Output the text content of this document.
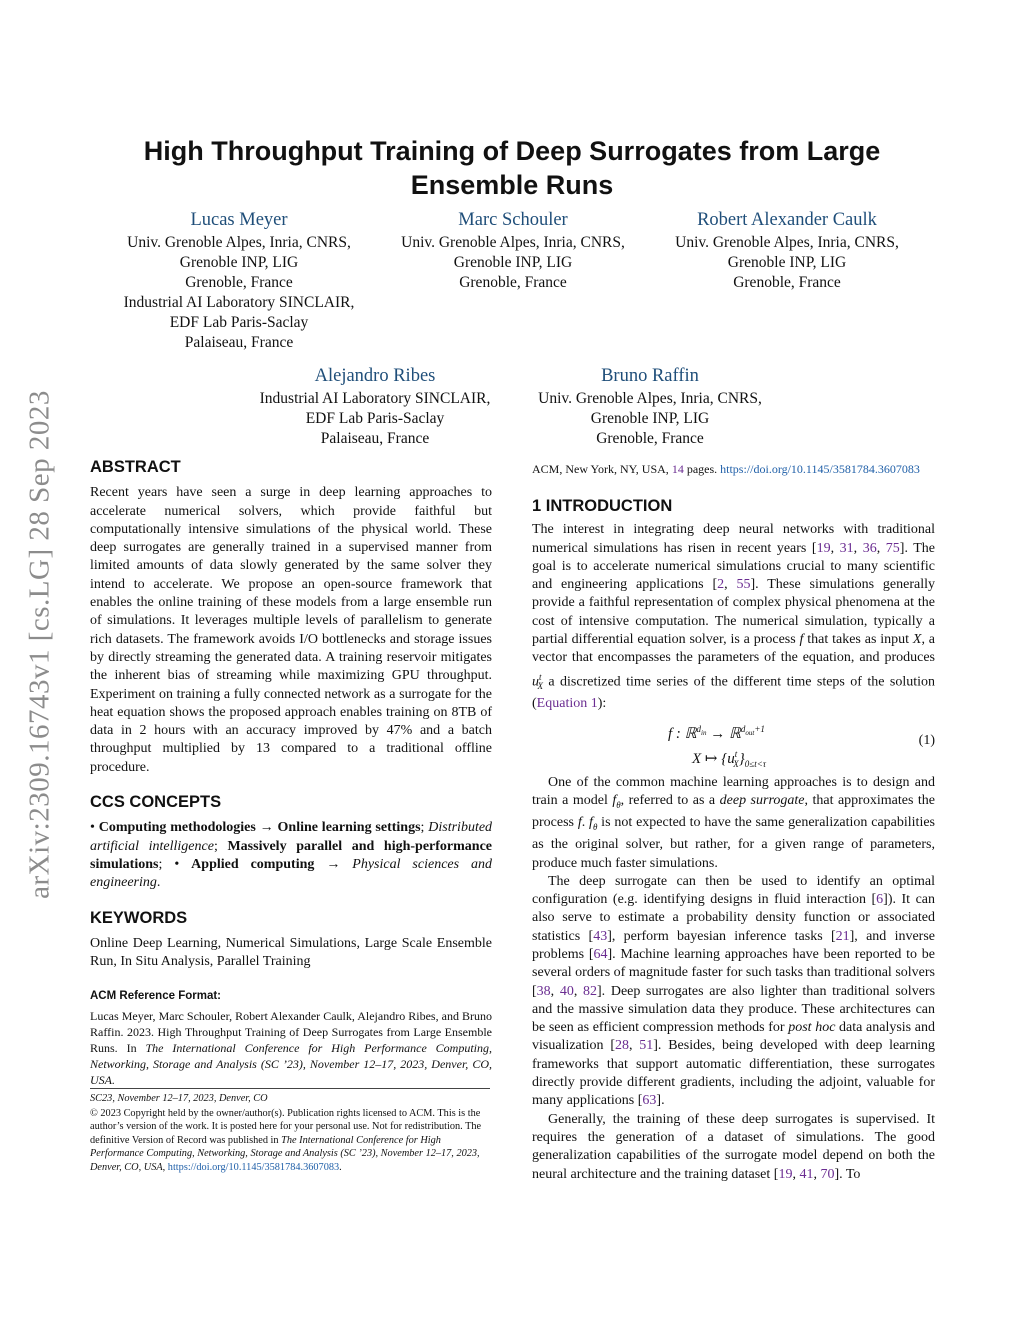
arXiv:2309.16743v1 [cs.LG] 28 Sep 2023
High Throughput Training of Deep Surrogates from Large Ensemble Runs
Lucas Meyer
Univ. Grenoble Alpes, Inria, CNRS,
Grenoble INP, LIG
Grenoble, France
Industrial AI Laboratory SINCLAIR,
EDF Lab Paris-Saclay
Palaiseau, France
Marc Schouler
Univ. Grenoble Alpes, Inria, CNRS,
Grenoble INP, LIG
Grenoble, France
Robert Alexander Caulk
Univ. Grenoble Alpes, Inria, CNRS,
Grenoble INP, LIG
Grenoble, France
Alejandro Ribes
Industrial AI Laboratory SINCLAIR,
EDF Lab Paris-Saclay
Palaiseau, France
Bruno Raffin
Univ. Grenoble Alpes, Inria, CNRS,
Grenoble INP, LIG
Grenoble, France
ABSTRACT

Recent years have seen a surge in deep learning approaches to accelerate numerical solvers, which provide faithful but computationally intensive simulations of the physical world. These deep surrogates are generally trained in a supervised manner from limited amounts of data slowly generated by the same solver they intend to accelerate. We propose an open-source framework that enables the online training of these models from a large ensemble run of simulations. It leverages multiple levels of parallelism to generate rich datasets. The framework avoids I/O bottlenecks and storage issues by directly streaming the generated data. A training reservoir mitigates the inherent bias of streaming while maximizing GPU throughput. Experiment on training a fully connected network as a surrogate for the heat equation shows the proposed approach enables training on 8TB of data in 2 hours with an accuracy improved by 47% and a batch throughput multiplied by 13 compared to a traditional offline procedure.

CCS CONCEPTS

• Computing methodologies → Online learning settings; Distributed artificial intelligence; Massively parallel and high-performance simulations; • Applied computing → Physical sciences and engineering.

KEYWORDS

Online Deep Learning, Numerical Simulations, Large Scale Ensemble Run, In Situ Analysis, Parallel Training

ACM Reference Format:

Lucas Meyer, Marc Schouler, Robert Alexander Caulk, Alejandro Ribes, and Bruno Raffin. 2023. High Throughput Training of Deep Surrogates from Large Ensemble Runs. In The International Conference for High Performance Computing, Networking, Storage and Analysis (SC ’23), November 12–17, 2023, Denver, CO, USA.

SC23, November 12–17, 2023, Denver, CO
© 2023 Copyright held by the owner/author(s). Publication rights licensed to ACM. This is the author’s version of the work. It is posted here for your personal use. Not for redistribution. The definitive Version of Record was published in The International Conference for High Performance Computing, Networking, Storage and Analysis (SC ’23), November 12–17, 2023, Denver, CO, USA, https://doi.org/10.1145/3581784.3607083.

ACM, New York, NY, USA, 14 pages. https://doi.org/10.1145/3581784.3607083

1 INTRODUCTION

The interest in integrating deep neural networks with traditional numerical simulations has risen in recent years [19, 31, 36, 75]. The goal is to accelerate numerical simulations crucial to many scientific and engineering applications [2, 55]. These simulations generally provide a faithful representation of complex physical phenomena at the cost of intensive computation. The numerical simulation, typically a partial differential equation solver, is a process f that takes as input X, a vector that encompasses the parameters of the equation, and produces $u^t_X$ a discretized time series of the different time steps of the solution (Equation 1):

f : ℝ$^{d_{in}}$ → ℝ$^{d_{out}+1}$
X ↦ $\{u^t_X\}_{0\le t<\tau}$
(1)

One of the common machine learning approaches is to design and train a model $f_\theta$, referred to as a deep surrogate, that approximates the process f. $f_\theta$ is not expected to have the same generalization capabilities as the original solver, but rather, for a given range of parameters, produce much faster simulations.

The deep surrogate can then be used to identify an optimal configuration (e.g. identifying designs in fluid interaction [6]). It can also serve to estimate a probability density function or associated statistics [43], perform bayesian inference tasks [21], and inverse problems [64]. Machine learning approaches have been reported to be several orders of magnitude faster for such tasks than traditional solvers [38, 40, 82]. Deep surrogates are also lighter than traditional solvers and the massive simulation data they produce. These architectures can be seen as efficient compression methods for post hoc data analysis and visualization [28, 51]. Besides, being developed with deep learning frameworks that support automatic differentiation, these surrogates directly provide different gradients, including the adjoint, valuable for many applications [63].

Generally, the training of these deep surrogates is supervised. It requires the generation of a dataset of simulations. The good generalization capabilities of the surrogate model depend on both the neural architecture and the training dataset [19, 41, 70]. To
